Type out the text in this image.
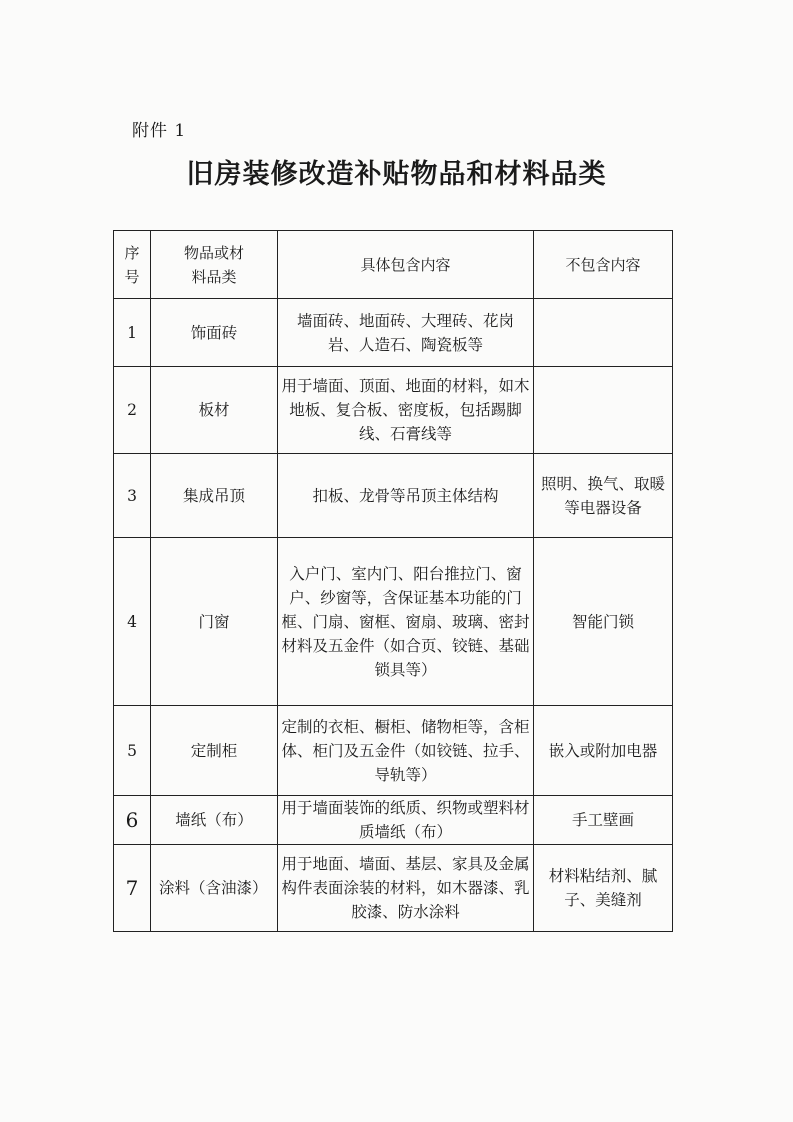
附件 1
旧房装修改造补贴物品和材料品类
序号	物品或材料品类	具体包含内容	不包含内容
1	饰面砖	墙面砖、地面砖、大理砖、花岗岩、人造石、陶瓷板等	
2	板材	用于墙面、顶面、地面的材料，如木地板、复合板、密度板，包括踢脚线、石膏线等	
3	集成吊顶	扣板、龙骨等吊顶主体结构	照明、换气、取暖等电器设备
4	门窗	入户门、室内门、阳台推拉门、窗户、纱窗等，含保证基本功能的门框、门扇、窗框、窗扇、玻璃、密封材料及五金件（如合页、铰链、基础锁具等）	智能门锁
5	定制柜	定制的衣柜、橱柜、储物柜等，含柜体、柜门及五金件（如铰链、拉手、导轨等）	嵌入或附加电器
6	墙纸（布）	用于墙面装饰的纸质、织物或塑料材质墙纸（布）	手工壁画
7	涂料（含油漆）	用于地面、墙面、基层、家具及金属构件表面涂装的材料，如木器漆、乳胶漆、防水涂料	材料粘结剂、腻子、美缝剂
